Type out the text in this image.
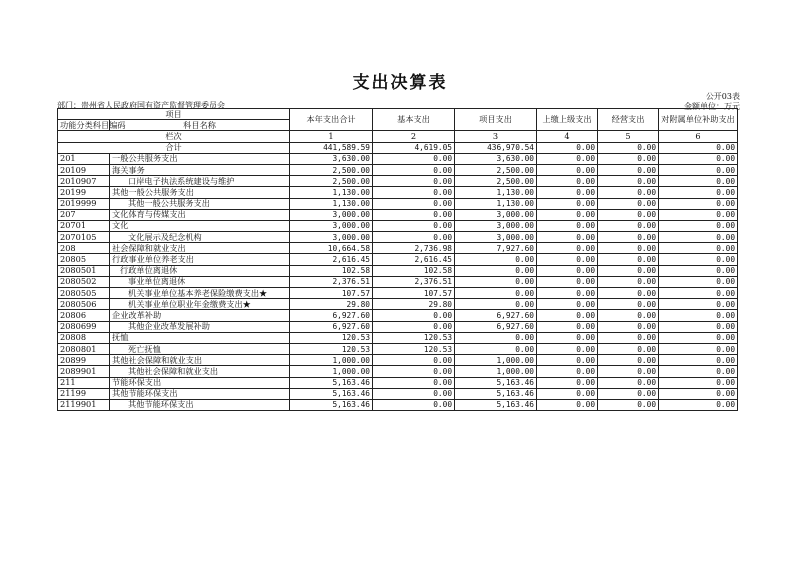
支出决算表
公开03表
部门：贵州省人民政府国有资产监督管理委员会	金额单位：万元
项目		本年支出合计	基本支出	项目支出	上缴上级支出	经营支出	对附属单位补助支出
功能分类科目编码	科目名称						
栏次		1	2	3	4	5	6
合计		441,589.59	4,619.05	436,970.54	0.00	0.00	0.00
201	一般公共服务支出	3,630.00	0.00	3,630.00	0.00	0.00	0.00
20109	海关事务	2,500.00	0.00	2,500.00	0.00	0.00	0.00
2010907	口岸电子执法系统建设与维护	2,500.00	0.00	2,500.00	0.00	0.00	0.00
20199	其他一般公共服务支出	1,130.00	0.00	1,130.00	0.00	0.00	0.00
2019999	其他一般公共服务支出	1,130.00	0.00	1,130.00	0.00	0.00	0.00
207	文化体育与传媒支出	3,000.00	0.00	3,000.00	0.00	0.00	0.00
20701	文化	3,000.00	0.00	3,000.00	0.00	0.00	0.00
2070105	文化展示及纪念机构	3,000.00	0.00	3,000.00	0.00	0.00	0.00
208	社会保障和就业支出	10,664.58	2,736.98	7,927.60	0.00	0.00	0.00
20805	行政事业单位养老支出	2,616.45	2,616.45	0.00	0.00	0.00	0.00
2080501	行政单位离退休	102.58	102.58	0.00	0.00	0.00	0.00
2080502	事业单位离退休	2,376.51	2,376.51	0.00	0.00	0.00	0.00
2080505	机关事业单位基本养老保险缴费支出★	107.57	107.57	0.00	0.00	0.00	0.00
2080506	机关事业单位职业年金缴费支出★	29.80	29.80	0.00	0.00	0.00	0.00
20806	企业改革补助	6,927.60	0.00	6,927.60	0.00	0.00	0.00
2080699	其他企业改革发展补助	6,927.60	0.00	6,927.60	0.00	0.00	0.00
20808	抚恤	120.53	120.53	0.00	0.00	0.00	0.00
2080801	死亡抚恤	120.53	120.53	0.00	0.00	0.00	0.00
20899	其他社会保障和就业支出	1,000.00	0.00	1,000.00	0.00	0.00	0.00
2089901	其他社会保障和就业支出	1,000.00	0.00	1,000.00	0.00	0.00	0.00
211	节能环保支出	5,163.46	0.00	5,163.46	0.00	0.00	0.00
21199	其他节能环保支出	5,163.46	0.00	5,163.46	0.00	0.00	0.00
2119901	其他节能环保支出	5,163.46	0.00	5,163.46	0.00	0.00	0.00
